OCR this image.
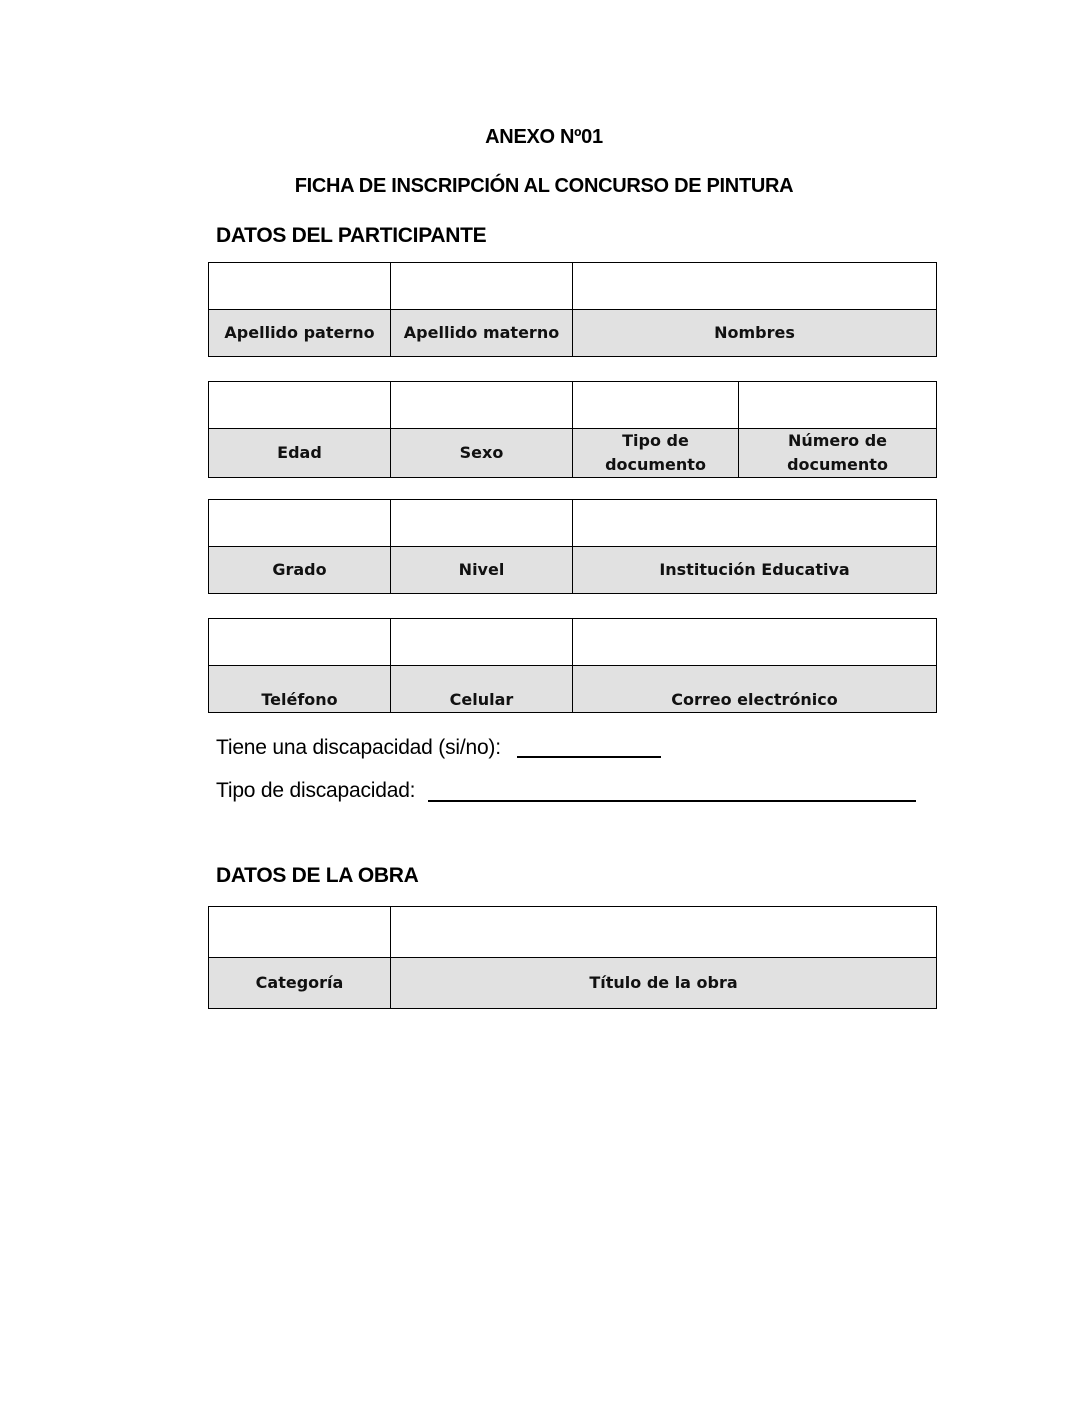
ANEXO Nº01
FICHA DE INSCRIPCIÓN AL CONCURSO DE PINTURA
DATOS DEL PARTICIPANTE

Apellido paterno	Apellido materno	Nombres

Edad	Sexo	Tipo de documento	Número de documento

Grado	Nivel	Institución Educativa

Teléfono	Celular	Correo electrónico
Tiene una discapacidad (si/no):
Tipo de discapacidad:
DATOS DE LA OBRA

Categoría	Título de la obra
